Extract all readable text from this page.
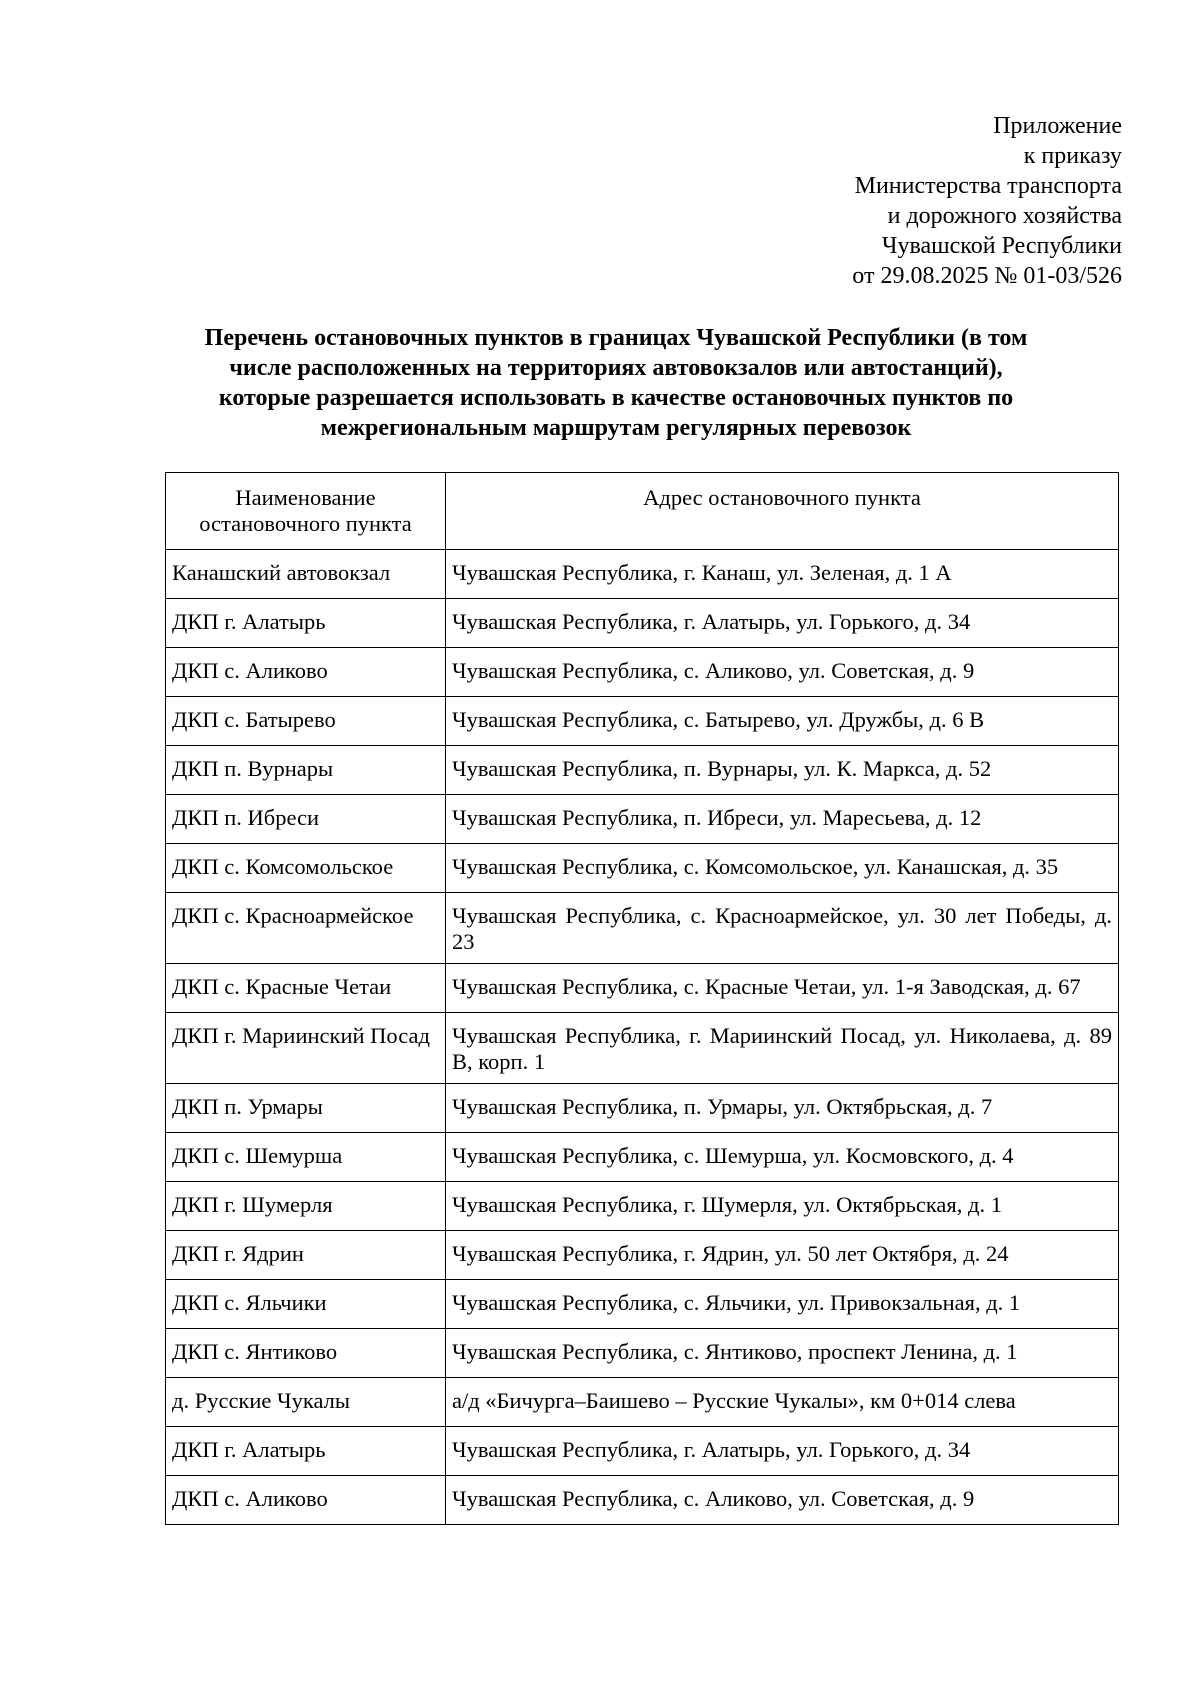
Приложение
к приказу
Министерства транспорта
и дорожного хозяйства
Чувашской Республики
от 29.08.2025 № 01-03/526
Перечень остановочных пунктов в границах Чувашской Республики (в том
числе расположенных на территориях автовокзалов или автостанций),
которые разрешается использовать в качестве остановочных пунктов по
межрегиональным маршрутам регулярных перевозок
Наименование остановочного пункта	Адрес остановочного пункта
Канашский автовокзал	Чувашская Республика, г. Канаш, ул. Зеленая, д. 1 А
ДКП г. Алатырь	Чувашская Республика, г. Алатырь, ул. Горького, д. 34
ДКП с. Аликово	Чувашская Республика, с. Аликово, ул. Советская, д. 9
ДКП с. Батырево	Чувашская Республика, с. Батырево, ул. Дружбы, д. 6 В
ДКП п. Вурнары	Чувашская Республика, п. Вурнары, ул. К. Маркса, д. 52
ДКП п. Ибреси	Чувашская Республика, п. Ибреси, ул. Маресьева, д. 12
ДКП с. Комсомольское	Чувашская Республика, с. Комсомольское, ул. Канашская, д. 35
ДКП с. Красноармейское	Чувашская Республика, с. Красноармейское, ул. 30 лет Победы, д. 23
ДКП с. Красные Четаи	Чувашская Республика, с. Красные Четаи, ул. 1-я Заводская, д. 67
ДКП г. Мариинский Посад	Чувашская Республика, г. Мариинский Посад, ул. Николаева, д. 89 В, корп. 1
ДКП п. Урмары	Чувашская Республика, п. Урмары, ул. Октябрьская, д. 7
ДКП с. Шемурша	Чувашская Республика, с. Шемурша, ул. Космовского, д. 4
ДКП г. Шумерля	Чувашская Республика, г. Шумерля, ул. Октябрьская, д. 1
ДКП г. Ядрин	Чувашская Республика, г. Ядрин, ул. 50 лет Октября, д. 24
ДКП с. Яльчики	Чувашская Республика, с. Яльчики, ул. Привокзальная, д. 1
ДКП с. Янтиково	Чувашская Республика, с. Янтиково, проспект Ленина, д. 1
д. Русские Чукалы	а/д «Бичурга–Баишево – Русские Чукалы», км 0+014 слева
ДКП г. Алатырь	Чувашская Республика, г. Алатырь, ул. Горького, д. 34
ДКП с. Аликово	Чувашская Республика, с. Аликово, ул. Советская, д. 9
